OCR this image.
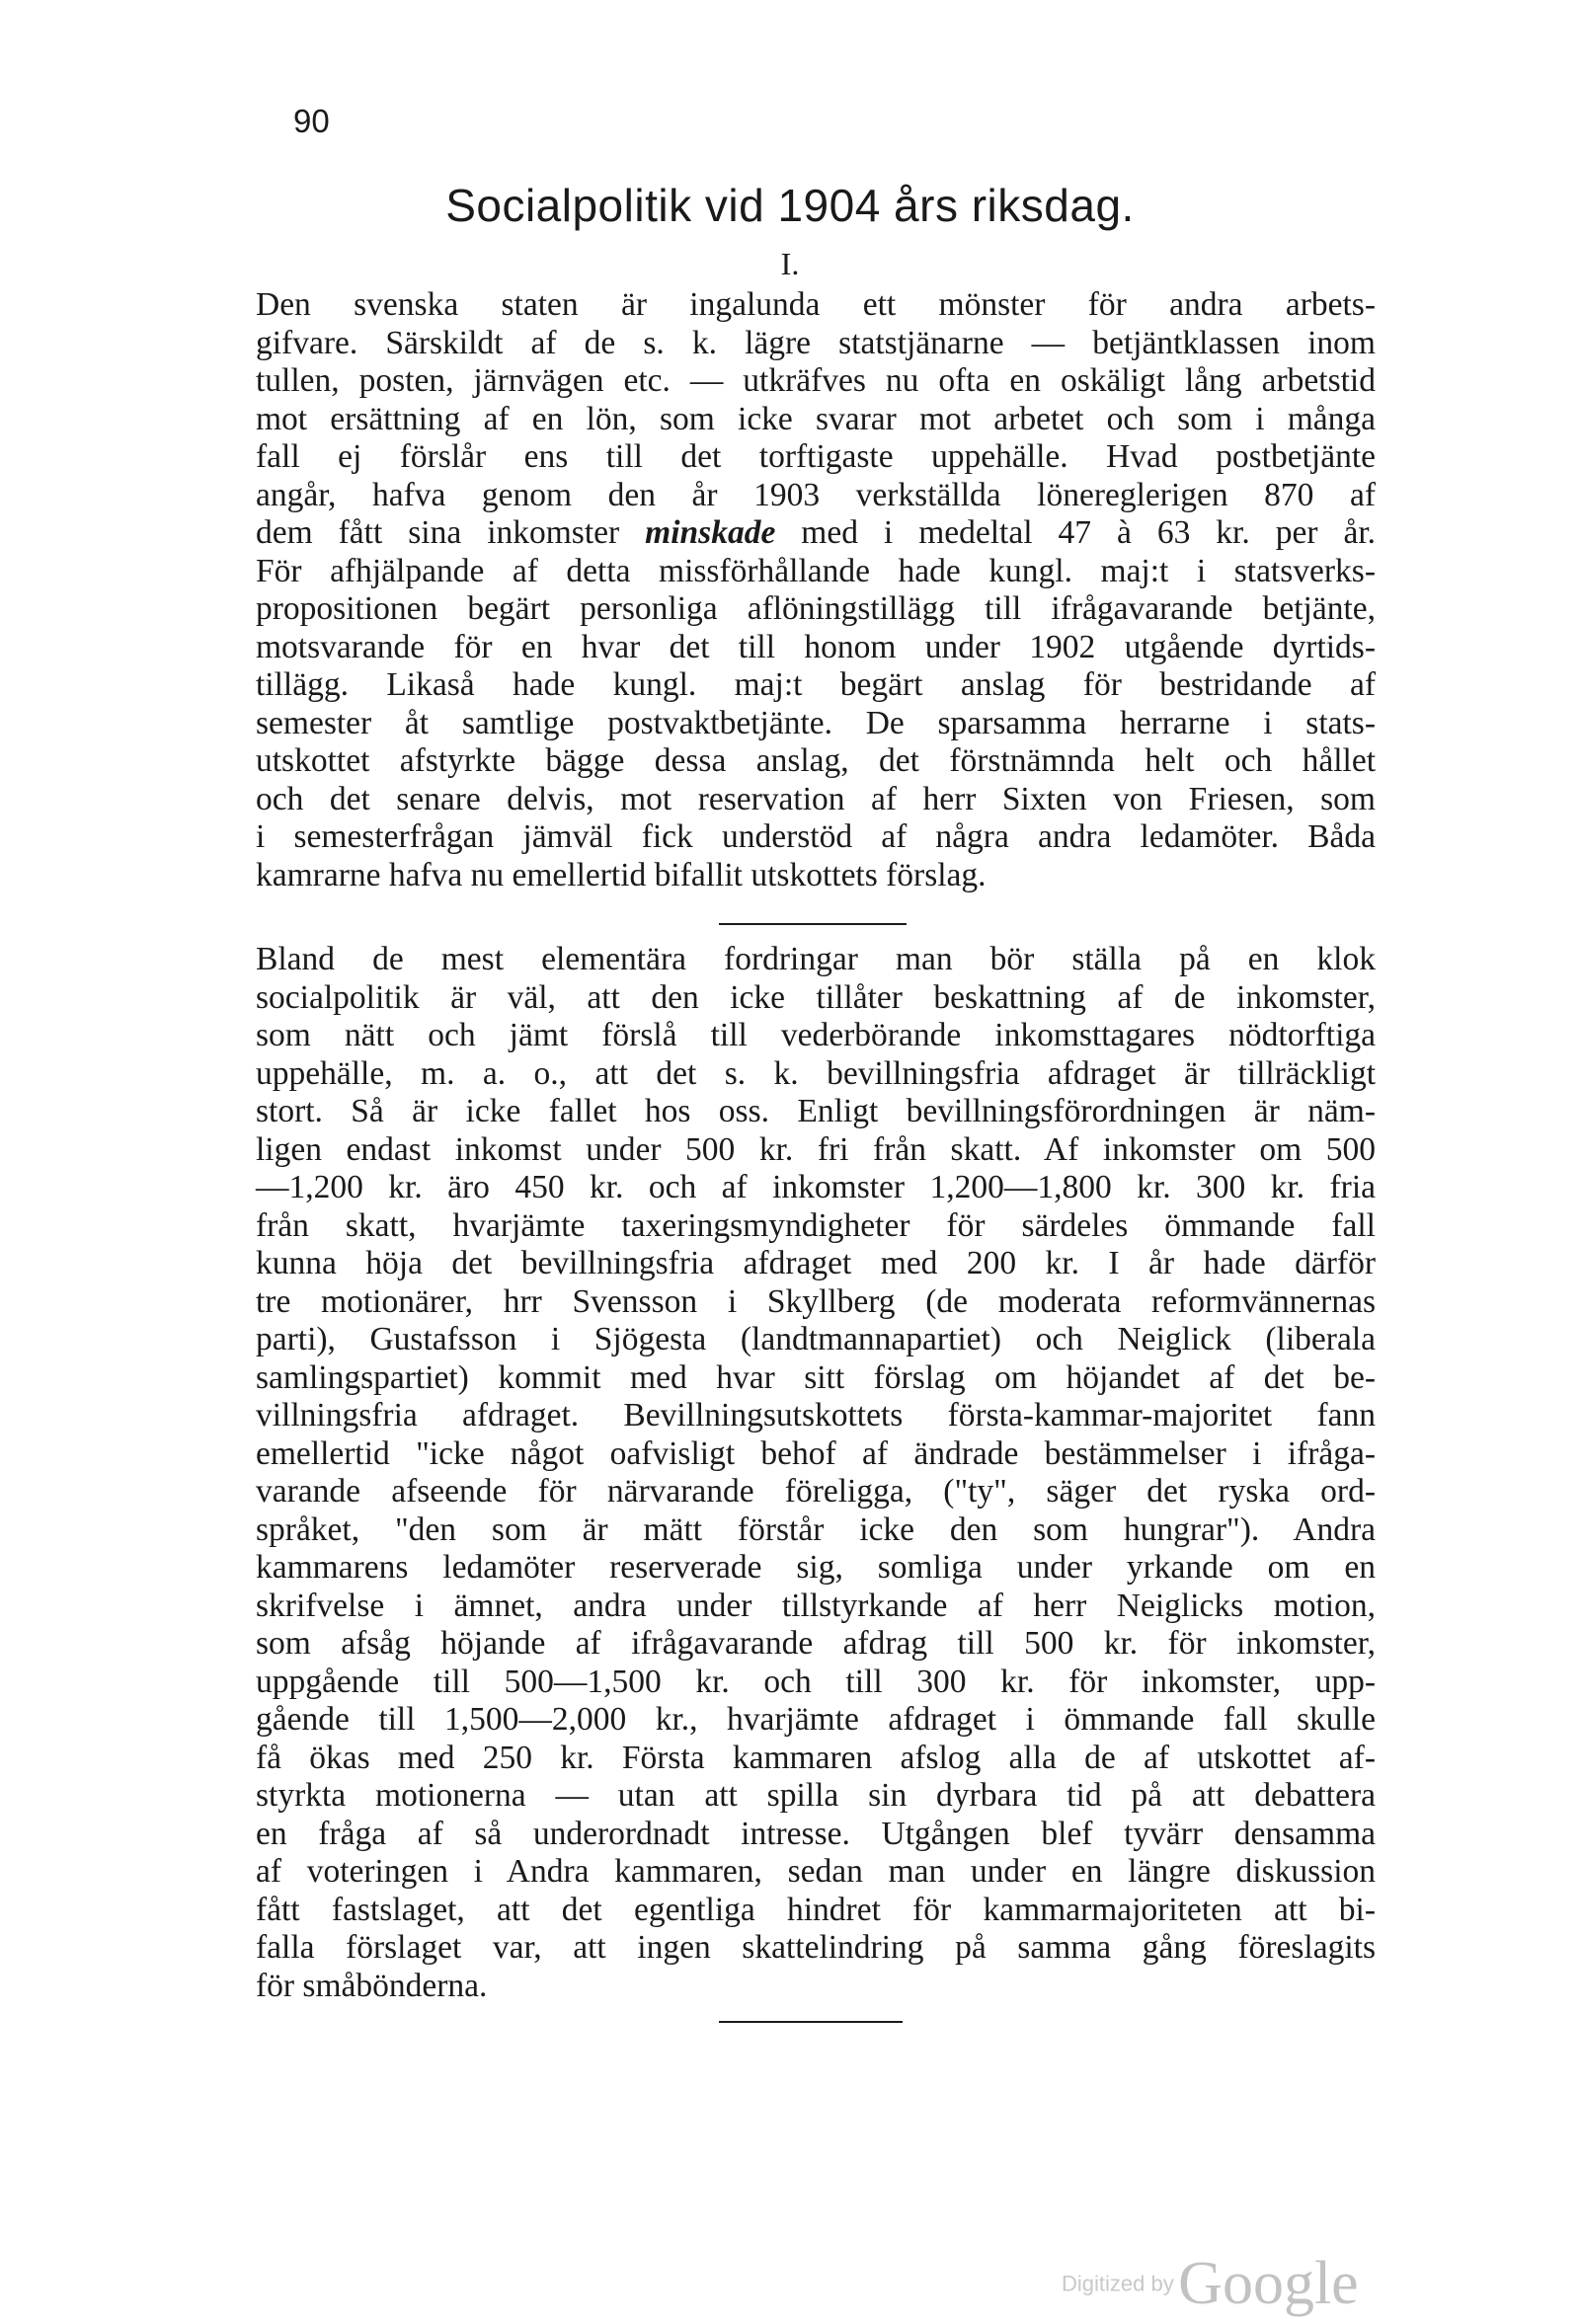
90
Socialpolitik vid 1904 års riksdag.
I.

Den svenska staten är ingalunda ett mönster för andra arbets-
gifvare. Särskildt af de s. k. lägre statstjänarne — betjäntklassen inom
tullen, posten, järnvägen etc. — utkräfves nu ofta en oskäligt lång arbetstid
mot ersättning af en lön, som icke svarar mot arbetet och som i många
fall ej förslår ens till det torftigaste uppehälle. Hvad postbetjänte
angår, hafva genom den år 1903 verkställda lönereglerigen 870 af
dem fått sina inkomster minskade med i medeltal 47 à 63 kr. per år.
För afhjälpande af detta missförhållande hade kungl. maj:t i statsverks-
propositionen begärt personliga aflöningstillägg till ifrågavarande betjänte,
motsvarande för en hvar det till honom under 1902 utgående dyrtids-
tillägg. Likaså hade kungl. maj:t begärt anslag för bestridande af
semester åt samtlige postvaktbetjänte. De sparsamma herrarne i stats-
utskottet afstyrkte bägge dessa anslag, det förstnämnda helt och hållet
och det senare delvis, mot reservation af herr Sixten von Friesen, som
i semesterfrågan jämväl fick understöd af några andra ledamöter. Båda
kamrarne hafva nu emellertid bifallit utskottets förslag.

Bland de mest elementära fordringar man bör ställa på en klok
socialpolitik är väl, att den icke tillåter beskattning af de inkomster,
som nätt och jämt förslå till vederbörande inkomsttagares nödtorftiga
uppehälle, m. a. o., att det s. k. bevillningsfria afdraget är tillräckligt
stort. Så är icke fallet hos oss. Enligt bevillningsförordningen är näm-
ligen endast inkomst under 500 kr. fri från skatt. Af inkomster om 500
—1,200 kr. äro 450 kr. och af inkomster 1,200—1,800 kr. 300 kr. fria
från skatt, hvarjämte taxeringsmyndigheter för särdeles ömmande fall
kunna höja det bevillningsfria afdraget med 200 kr. I år hade därför
tre motionärer, hrr Svensson i Skyllberg (de moderata reformvännernas
parti), Gustafsson i Sjögesta (landtmannapartiet) och Neiglick (liberala
samlingspartiet) kommit med hvar sitt förslag om höjandet af det be-
villningsfria afdraget. Bevillningsutskottets första-kammar-majoritet fann
emellertid "icke något oafvisligt behof af ändrade bestämmelser i ifråga-
varande afseende för närvarande föreligga, ("ty", säger det ryska ord-
språket, "den som är mätt förstår icke den som hungrar"). Andra
kammarens ledamöter reserverade sig, somliga under yrkande om en
skrifvelse i ämnet, andra under tillstyrkande af herr Neiglicks motion,
som afsåg höjande af ifrågavarande afdrag till 500 kr. för inkomster,
uppgående till 500—1,500 kr. och till 300 kr. för inkomster, upp-
gående till 1,500—2,000 kr., hvarjämte afdraget i ömmande fall skulle
få ökas med 250 kr. Första kammaren afslog alla de af utskottet af-
styrkta motionerna — utan att spilla sin dyrbara tid på att debattera
en fråga af så underordnadt intresse. Utgången blef tyvärr densamma
af voteringen i Andra kammaren, sedan man under en längre diskussion
fått fastslaget, att det egentliga hindret för kammarmajoriteten att bi-
falla förslaget var, att ingen skattelindring på samma gång föreslagits
för småbönderna.

Digitized by Google
